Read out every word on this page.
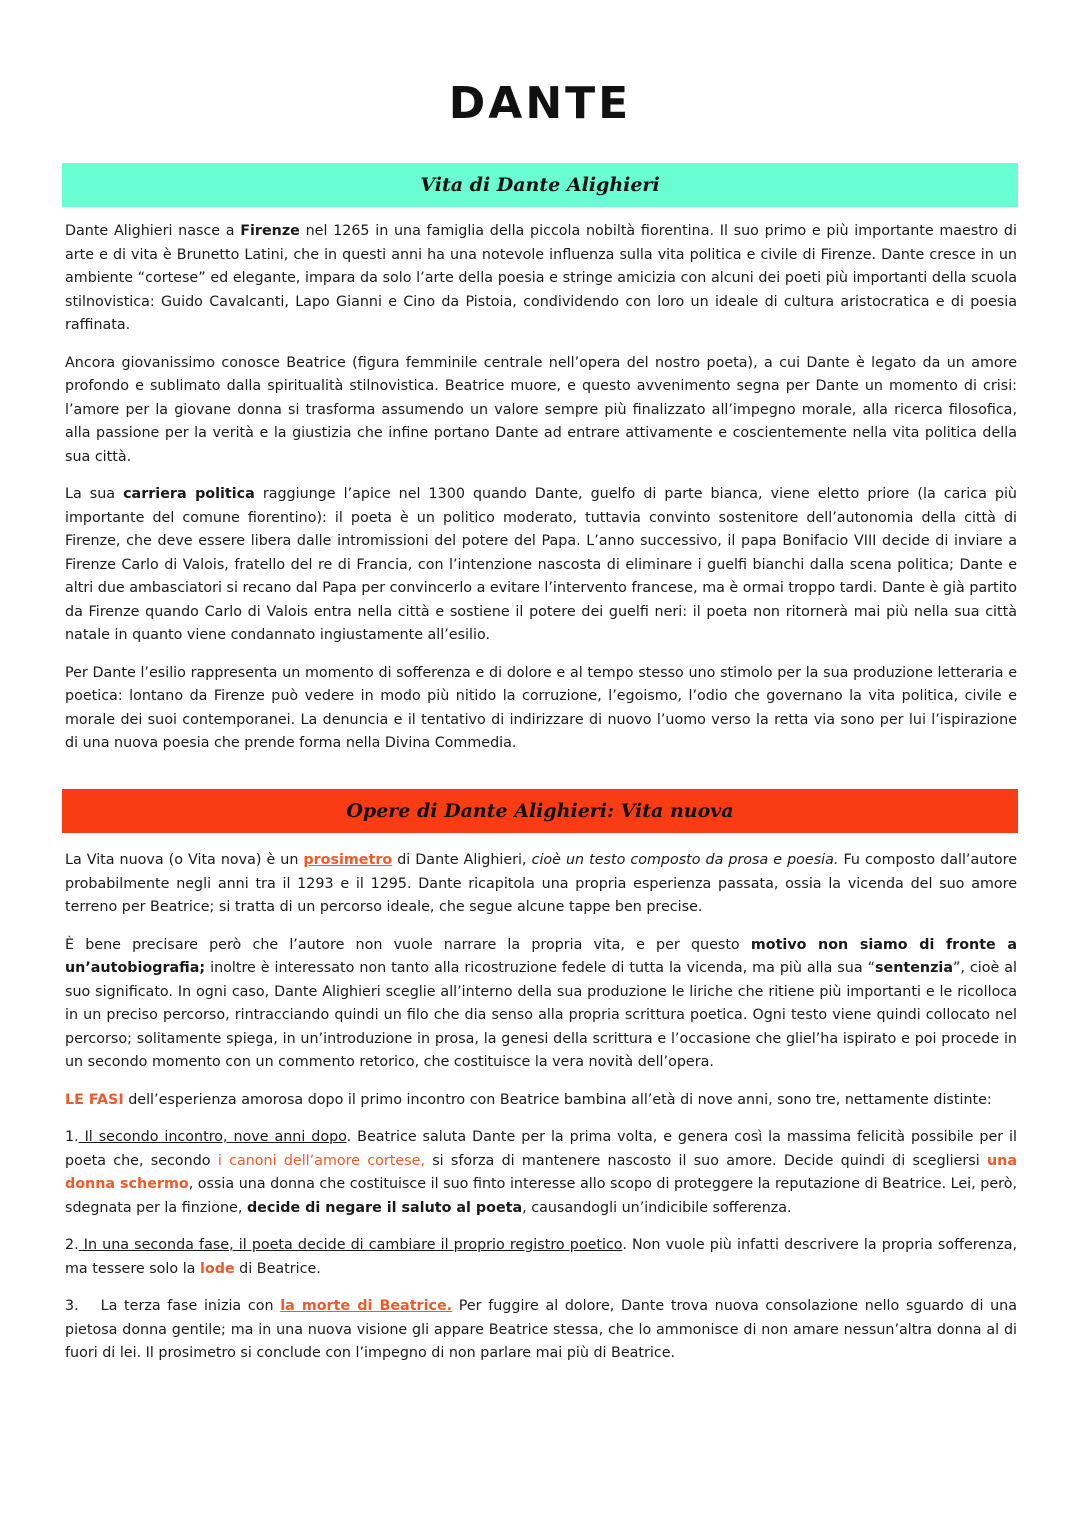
DANTE
Vita di Dante Alighieri

Dante Alighieri nasce a Firenze nel 1265 in una famiglia della piccola nobiltà fiorentina. Il suo primo e più importante maestro di arte e di vita è Brunetto Latini, che in questi anni ha una notevole influenza sulla vita politica e civile di Firenze. Dante cresce in un ambiente “cortese” ed elegante, impara da solo l’arte della poesia e stringe amicizia con alcuni dei poeti più importanti della scuola stilnovistica: Guido Cavalcanti, Lapo Gianni e Cino da Pistoia, condividendo con loro un ideale di cultura aristocratica e di poesia raffinata.

Ancora giovanissimo conosce Beatrice (figura femminile centrale nell’opera del nostro poeta), a cui Dante è legato da un amore profondo e sublimato dalla spiritualità stilnovistica. Beatrice muore, e questo avvenimento segna per Dante un momento di crisi: l’amore per la giovane donna si trasforma assumendo un valore sempre più finalizzato all’impegno morale, alla ricerca filosofica, alla passione per la verità e la giustizia che infine portano Dante ad entrare attivamente e coscientemente nella vita politica della sua città.

La sua carriera politica raggiunge l’apice nel 1300 quando Dante, guelfo di parte bianca, viene eletto priore (la carica più importante del comune fiorentino): il poeta è un politico moderato, tuttavia convinto sostenitore dell’autonomia della città di Firenze, che deve essere libera dalle intromissioni del potere del Papa. L’anno successivo, il papa Bonifacio VIII decide di inviare a Firenze Carlo di Valois, fratello del re di Francia, con l’intenzione nascosta di eliminare i guelfi bianchi dalla scena politica; Dante e altri due ambasciatori si recano dal Papa per convincerlo a evitare l’intervento francese, ma è ormai troppo tardi. Dante è già partito da Firenze quando Carlo di Valois entra nella città e sostiene il potere dei guelfi neri: il poeta non ritornerà mai più nella sua città natale in quanto viene condannato ingiustamente all’esilio.

Per Dante l’esilio rappresenta un momento di sofferenza e di dolore e al tempo stesso uno stimolo per la sua produzione letteraria e poetica: lontano da Firenze può vedere in modo più nitido la corruzione, l’egoismo, l’odio che governano la vita politica, civile e morale dei suoi contemporanei. La denuncia e il tentativo di indirizzare di nuovo l’uomo verso la retta via sono per lui l’ispirazione di una nuova poesia che prende forma nella Divina Commedia.

Opere di Dante Alighieri: Vita nuova

La Vita nuova (o Vita nova) è un prosimetro di Dante Alighieri, cioè un testo composto da prosa e poesia. Fu composto dall’autore probabilmente negli anni tra il 1293 e il 1295. Dante ricapitola una propria esperienza passata, ossia la vicenda del suo amore terreno per Beatrice; si tratta di un percorso ideale, che segue alcune tappe ben precise.

È bene precisare però che l’autore non vuole narrare la propria vita, e per questo motivo non siamo di fronte a un’autobiografia; inoltre è interessato non tanto alla ricostruzione fedele di tutta la vicenda, ma più alla sua “sentenzia”, cioè al suo significato. In ogni caso, Dante Alighieri sceglie all’interno della sua produzione le liriche che ritiene più importanti e le ricolloca in un preciso percorso, rintracciando quindi un filo che dia senso alla propria scrittura poetica. Ogni testo viene quindi collocato nel percorso; solitamente spiega, in un’introduzione in prosa, la genesi della scrittura e l’occasione che gliel’ha ispirato e poi procede in un secondo momento con un commento retorico, che costituisce la vera novità dell’opera.

LE FASI dell’esperienza amorosa dopo il primo incontro con Beatrice bambina all’età di nove anni, sono tre, nettamente distinte:

1. Il secondo incontro, nove anni dopo. Beatrice saluta Dante per la prima volta, e genera così la massima felicità possibile per il poeta che, secondo i canoni dell’amore cortese, si sforza di mantenere nascosto il suo amore. Decide quindi di scegliersi una donna schermo, ossia una donna che costituisce il suo finto interesse allo scopo di proteggere la reputazione di Beatrice. Lei, però, sdegnata per la finzione, decide di negare il saluto al poeta, causandogli un’indicibile sofferenza.

2. In una seconda fase, il poeta decide di cambiare il proprio registro poetico. Non vuole più infatti descrivere la propria sofferenza, ma tessere solo la lode di Beatrice.

3. La terza fase inizia con la morte di Beatrice. Per fuggire al dolore, Dante trova nuova consolazione nello sguardo di una pietosa donna gentile; ma in una nuova visione gli appare Beatrice stessa, che lo ammonisce di non amare nessun’altra donna al di fuori di lei. Il prosimetro si conclude con l’impegno di non parlare mai più di Beatrice.
